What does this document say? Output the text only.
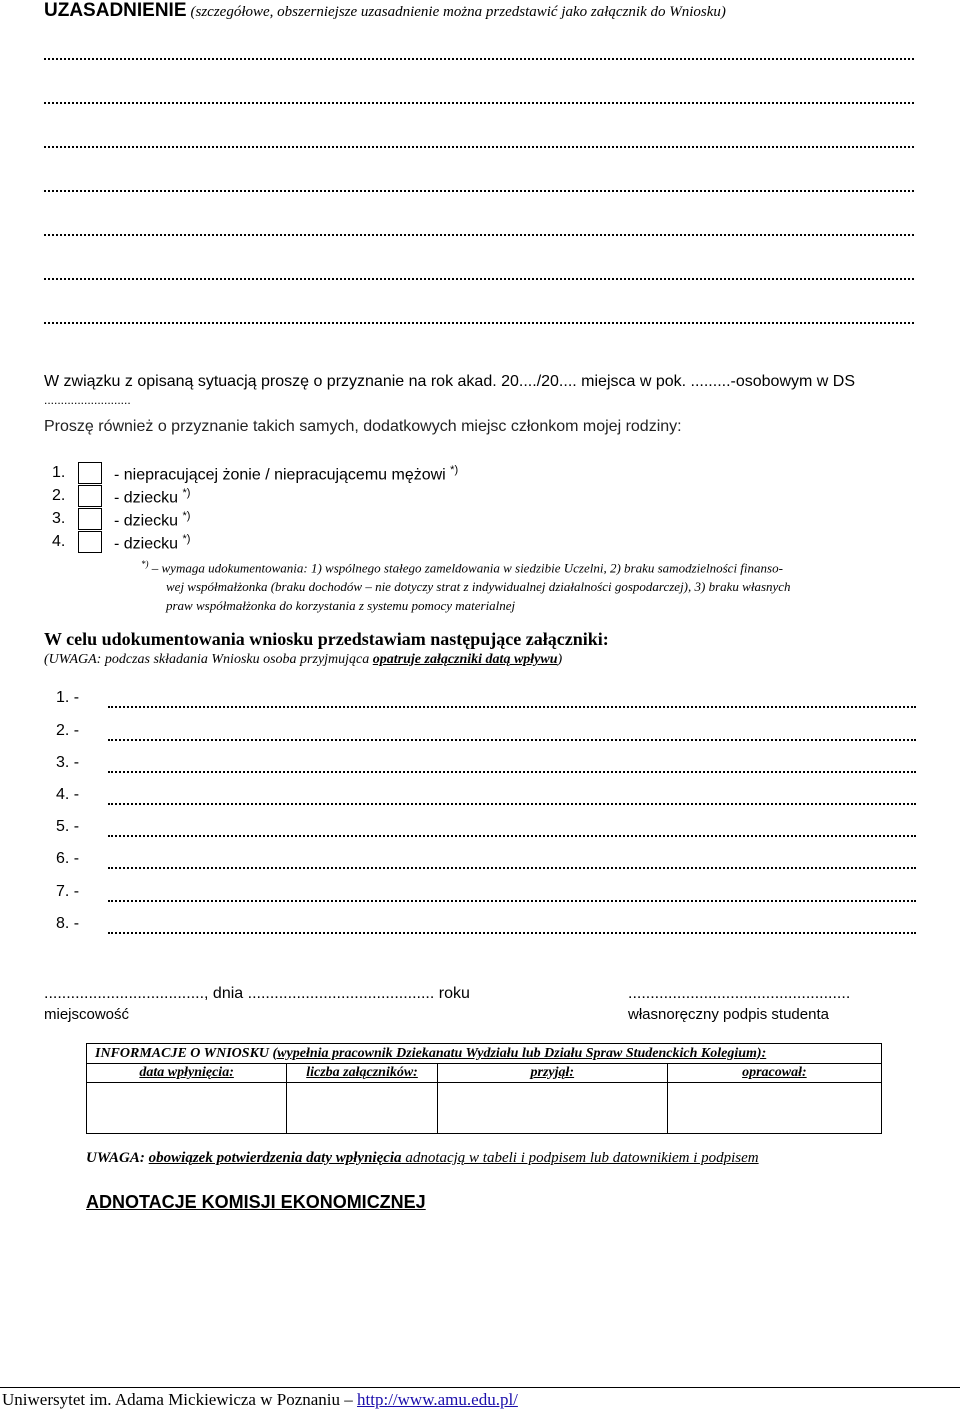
UZASADNIENIE (szczegółowe, obszerniejsze uzasadnienie można przedstawić jako załącznik do Wniosku)
W związku z opisaną sytuacją proszę o przyznanie na rok akad. 20..../20.... miejsca w pok. .........-osobowym w DS
..........................
Proszę również o przyznanie takich samych, dodatkowych miejsc członkom mojej rodziny:
1.	- niepracującej żonie / niepracującemu mężowi *)
2.	- dziecku *)
3.	- dziecku *)
4.	- dziecku *)
*) – wymaga udokumentowania: 1) wspólnego stałego zameldowania w siedzibie Uczelni, 2) braku samodzielności finanso-
wej współmałżonka (braku dochodów – nie dotyczy strat z indywidualnej działalności gospodarczej), 3) braku własnych
praw współmałżonka do korzystania z systemu pomocy materialnej
W celu udokumentowania wniosku przedstawiam następujące załączniki:
(UWAGA: podczas składania Wniosku osoba przyjmująca opatruje załączniki datą wpływu)
1. -
2. -
3. -
4. -
5. -
6. -
7. -
8. -
...................................., dnia .......................................... roku
miejscowość
..................................................
własnoręczny podpis studenta
INFORMACJE O WNIOSKU (wypełnia pracownik Dziekanatu Wydziału lub Działu Spraw Studenckich Kolegium):			
data wpłynięcia:	liczba załączników:	przyjął:	opracował:

UWAGA: obowiązek potwierdzenia daty wpłynięcia adnotacją w tabeli i podpisem lub datownikiem i podpisem
ADNOTACJE KOMISJI EKONOMICZNEJ
Uniwersytet im. Adama Mickiewicza w Poznaniu – http://www.amu.edu.pl/
